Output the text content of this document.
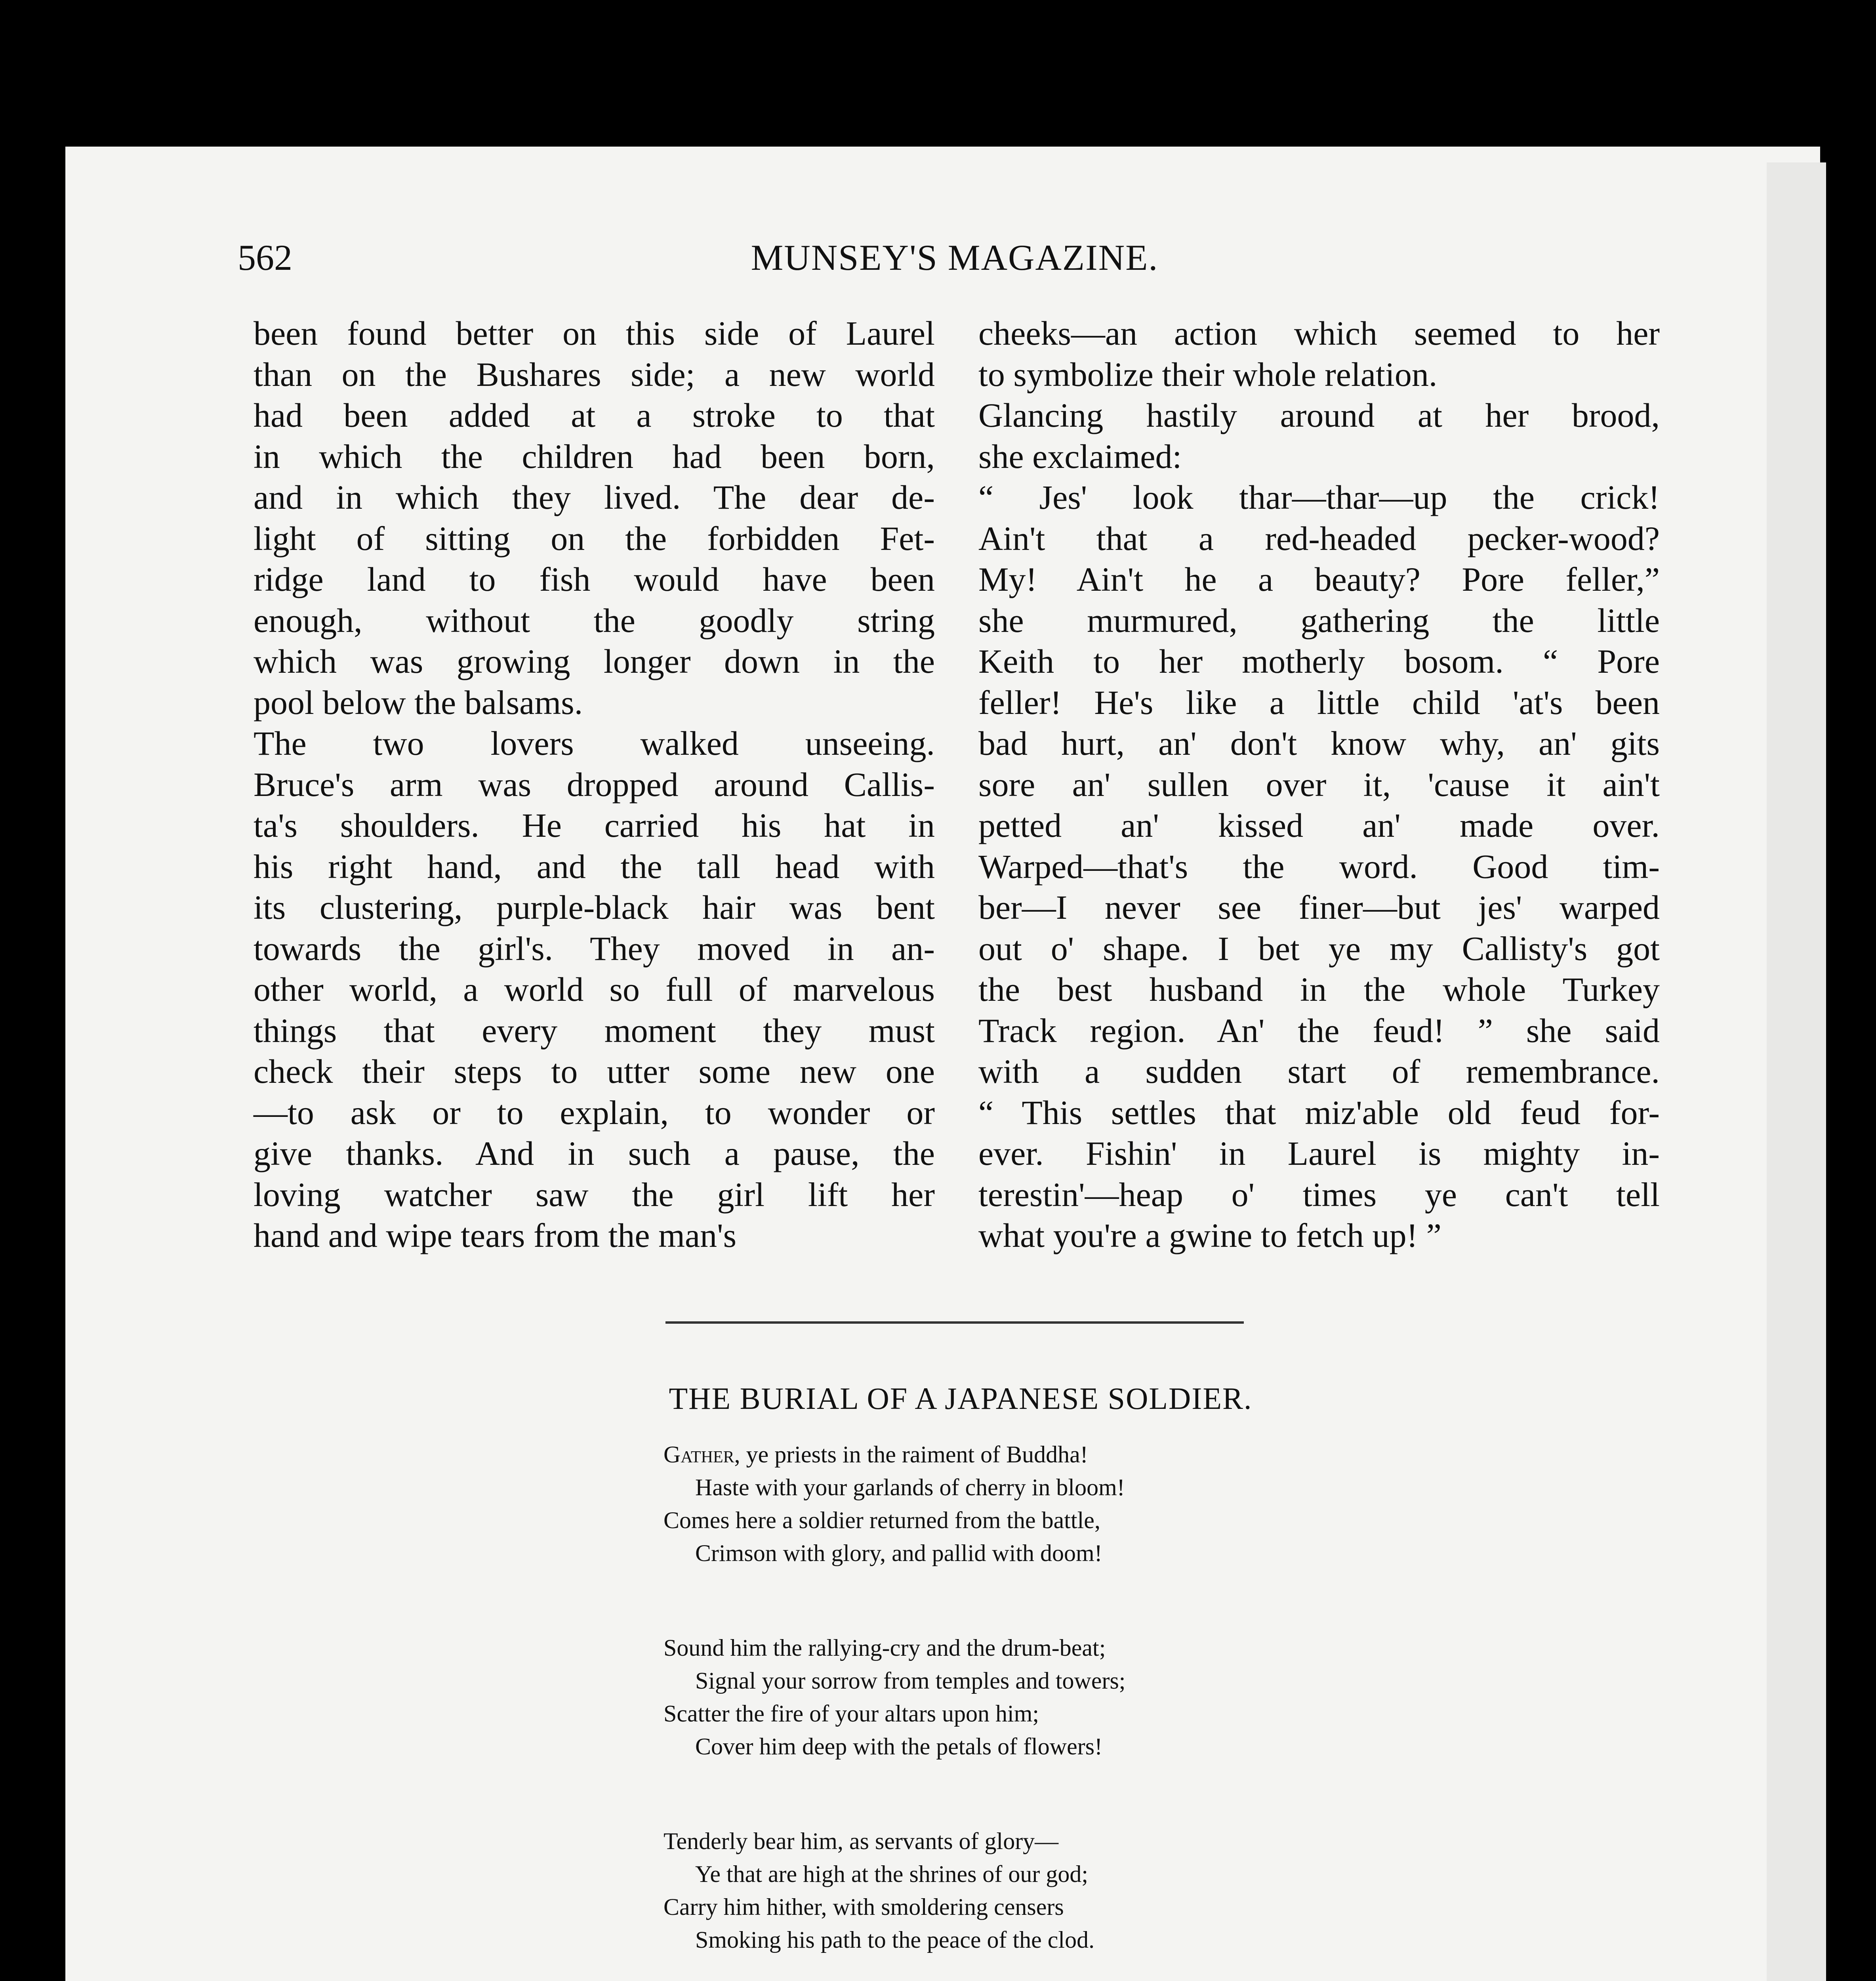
562	MUNSEY'S MAGAZINE.
been found better on this side of Laurel
than on the Bushares side; a new world
had been added at a stroke to that
in which the children had been born,
and in which they lived. The dear de-
light of sitting on the forbidden Fet-
ridge land to fish would have been
enough, without the goodly string
which was growing longer down in the
pool below the balsams.
The two lovers walked unseeing.
Bruce's arm was dropped around Callis-
ta's shoulders. He carried his hat in
his right hand, and the tall head with
its clustering, purple-black hair was bent
towards the girl's. They moved in an-
other world, a world so full of marvelous
things that every moment they must
check their steps to utter some new one
—to ask or to explain, to wonder or
give thanks. And in such a pause, the
loving watcher saw the girl lift her
hand and wipe tears from the man's
cheeks—an action which seemed to her
to symbolize their whole relation.
Glancing hastily around at her brood,
she exclaimed:
“ Jes' look thar—thar—up the crick!
Ain't that a red-headed pecker-wood?
My! Ain't he a beauty? Pore feller,”
she murmured, gathering the little
Keith to her motherly bosom. “ Pore
feller! He's like a little child 'at's been
bad hurt, an' don't know why, an' gits
sore an' sullen over it, 'cause it ain't
petted an' kissed an' made over.
Warped—that's the word. Good tim-
ber—I never see finer—but jes' warped
out o' shape. I bet ye my Callisty's got
the best husband in the whole Turkey
Track region. An' the feud! ” she said
with a sudden start of remembrance.
“ This settles that miz'able old feud for-
ever. Fishin' in Laurel is mighty in-
terestin'—heap o' times ye can't tell
what you're a gwine to fetch up! ”
THE BURIAL OF A JAPANESE SOLDIER.
Gather, ye priests in the raiment of Buddha!
Haste with your garlands of cherry in bloom!
Comes here a soldier returned from the battle,
Crimson with glory, and pallid with doom!
Sound him the rallying-cry and the drum-beat;
Signal your sorrow from temples and towers;
Scatter the fire of your altars upon him;
Cover him deep with the petals of flowers!
Tenderly bear him, as servants of glory—
Ye that are high at the shrines of our god;
Carry him hither, with smoldering censers
Smoking his path to the peace of the clod.
